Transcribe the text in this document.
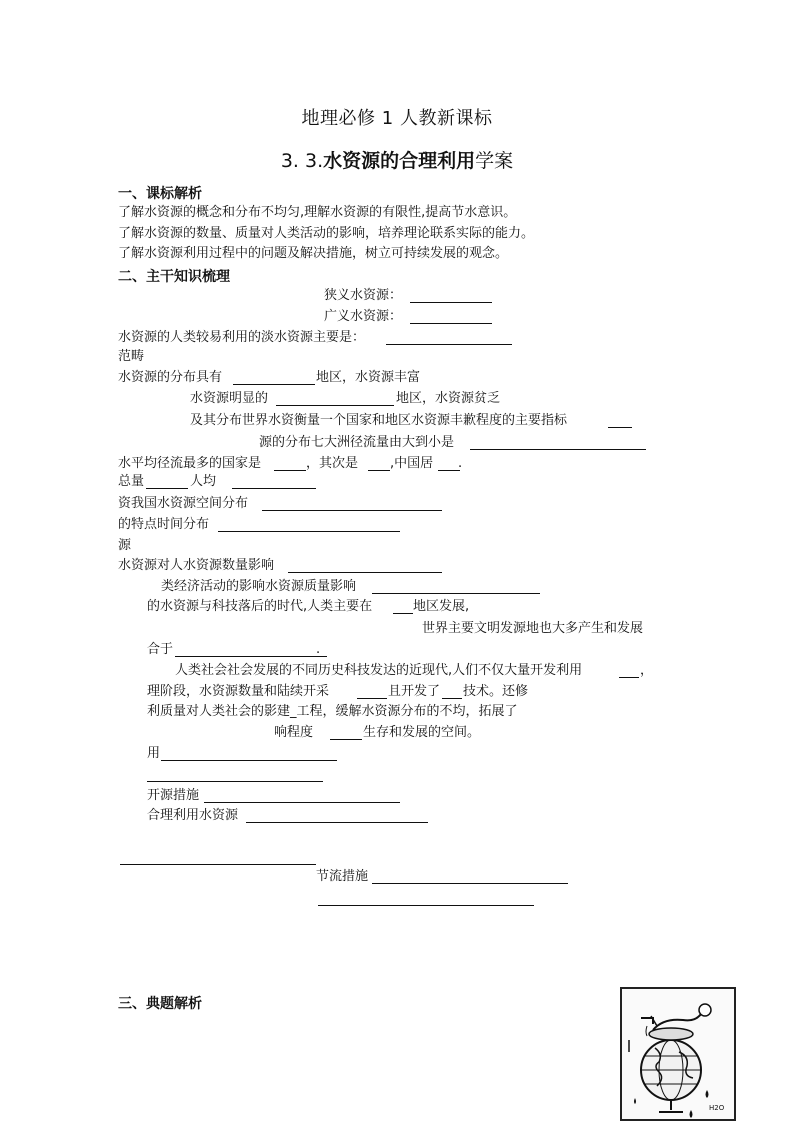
地理必修 1 人教新课标
3. 3.水资源的合理利用学案
一、课标解析
了解水资源的概念和分布不均匀,理解水资源的有限性,提高节水意识。
了解水资源的数量、质量对人类活动的影响，培养理论联系实际的能力。
了解水资源利用过程中的问题及解决措施，树立可持续发展的观念。
二、主干知识梳理
狭义水资源：
广义水资源：
水资源的人类较易利用的淡水资源主要是：
范畴
水资源的分布具有	地区，水资源丰富
水资源明显的	地区，水资源贫乏
及其分布世界水资衡量一个国家和地区水资源丰歉程度的主要指标
源的分布七大洲径流量由大到小是
水平均径流最多的国家是	，其次是 ,中国居 .
总量	人均
资我国水资源空间分布
的特点时间分布
源
水资源对人水资源数量影响
类经济活动的影响水资源质量影响
的水资源与科技落后的时代,人类主要在	地区发展,
世界主要文明发源地也大多产生和发展
合于	.
人类社会社会发展的不同历史科技发达的近现代,人们不仅大量开发利用	，
理阶段，水资源数量和陆续开采	且开发了 技术。还修
利质量对人类社会的影建_工程，缓解水资源分布的不均，拓展了
响程度	生存和发展的空间。
用
开源措施
合理利用水资源
节流措施
三、典题解析
H2O
